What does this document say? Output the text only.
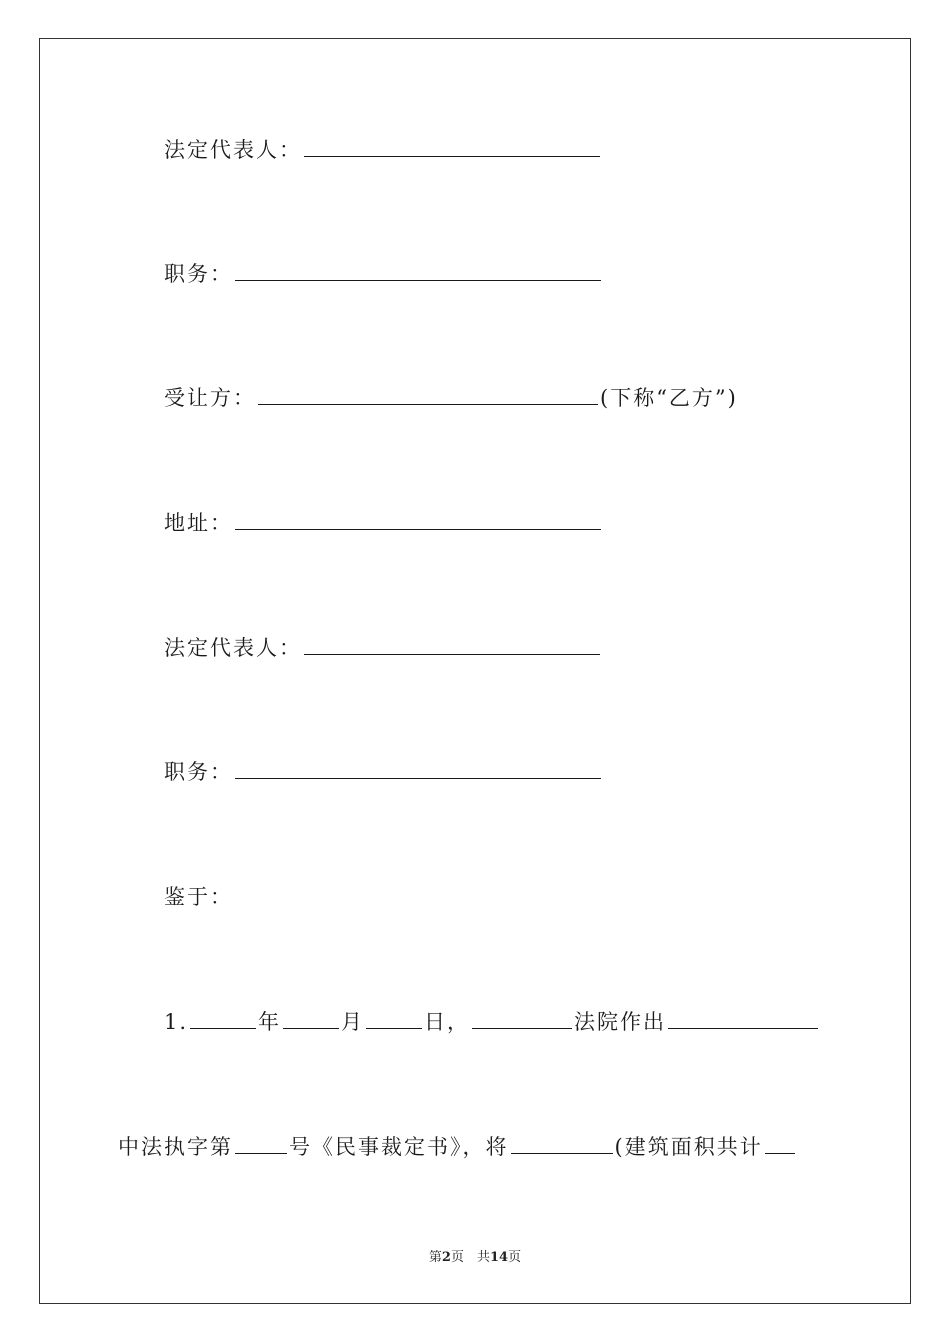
法定代表人：
职务：
受让方：	(下称“乙方”)
地址：
法定代表人：
职务：
鉴于：
1.	年	月	日，	法院作出
中法执字第	号《民事裁定书》，将	(建筑面积共计
第2页　共14页
